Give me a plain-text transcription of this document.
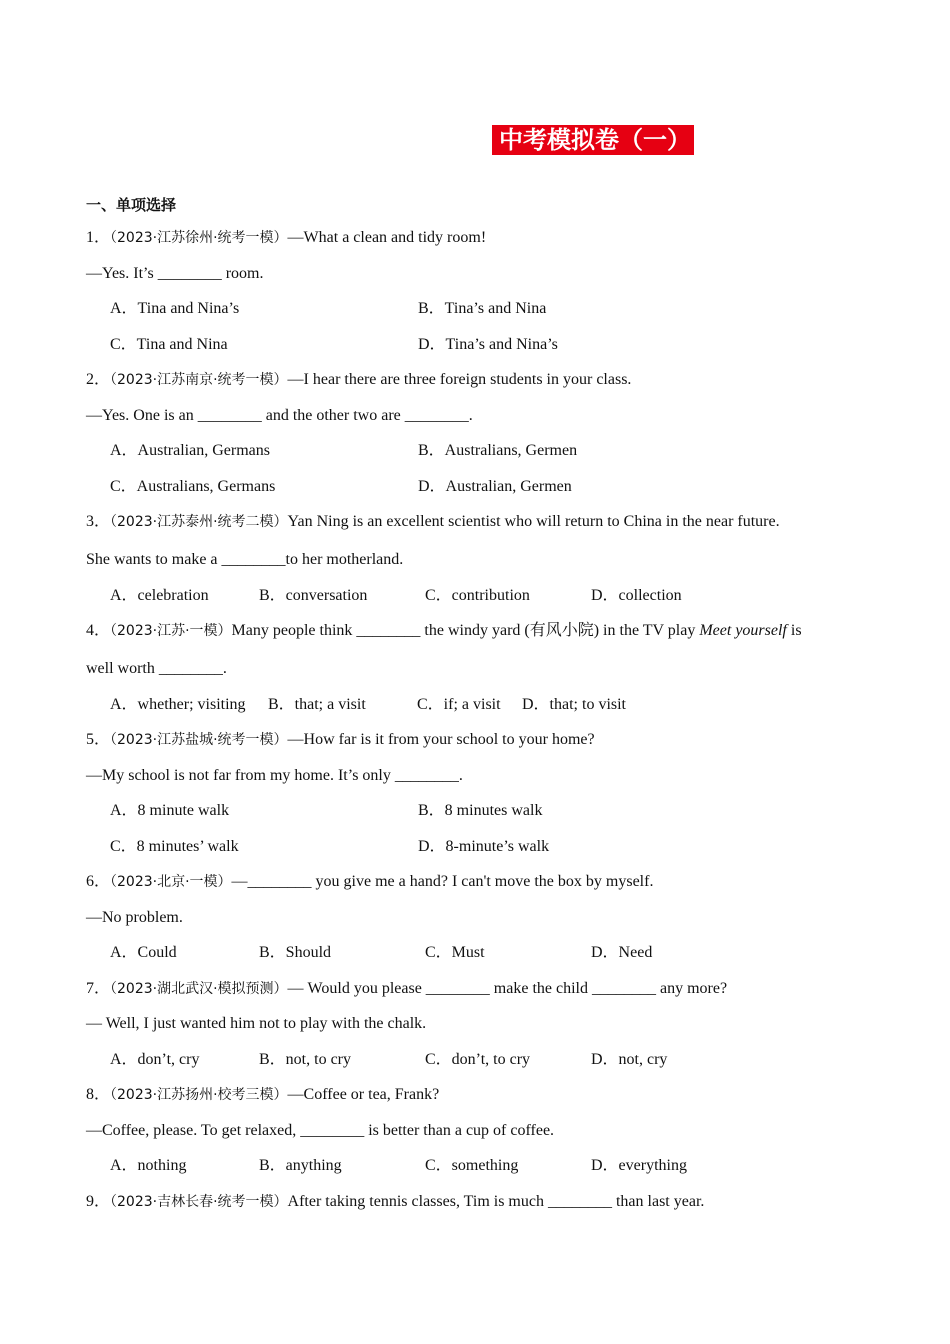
中考模拟卷（一）
一、单项选择
1．（2023·江苏徐州·统考一模）—What a clean and tidy room!
—Yes. It’s ________ room.
A．Tina and Nina’s	B．Tina’s and Nina
C．Tina and Nina	D．Tina’s and Nina’s
2．（2023·江苏南京·统考一模）—I hear there are three foreign students in your class.
—Yes. One is an ________ and the other two are ________.
A．Australian, Germans	B．Australians, Germen
C．Australians, Germans	D．Australian, Germen
3．（2023·江苏泰州·统考二模）Yan Ning is an excellent scientist who will return to China in the near future.
She wants to make a ________to her motherland.
A．celebration	B．conversation	C．contribution	D．collection
4．（2023·江苏·一模）Many people think ________ the windy yard (有风小院) in the TV play Meet yourself is
well worth ________.
A．whether; visiting	B．that; a visit	C．if; a visit	D．that; to visit
5．（2023·江苏盐城·统考一模）—How far is it from your school to your home?
—My school is not far from my home. It’s only ________.
A．8 minute walk	B．8 minutes walk
C．8 minutes’ walk	D．8-minute’s walk
6．（2023·北京·一模）—________ you give me a hand? I can't move the box by myself.
—No problem.
A．Could	B．Should	C．Must	D．Need
7．（2023·湖北武汉·模拟预测）— Would you please ________ make the child ________ any more?
— Well, I just wanted him not to play with the chalk.
A．don’t, cry	B．not, to cry	C．don’t, to cry	D．not, cry
8．（2023·江苏扬州·校考三模）—Coffee or tea, Frank?
—Coffee, please. To get relaxed, ________ is better than a cup of coffee.
A．nothing	B．anything	C．something	D．everything
9．（2023·吉林长春·统考一模）After taking tennis classes, Tim is much ________ than last year.
